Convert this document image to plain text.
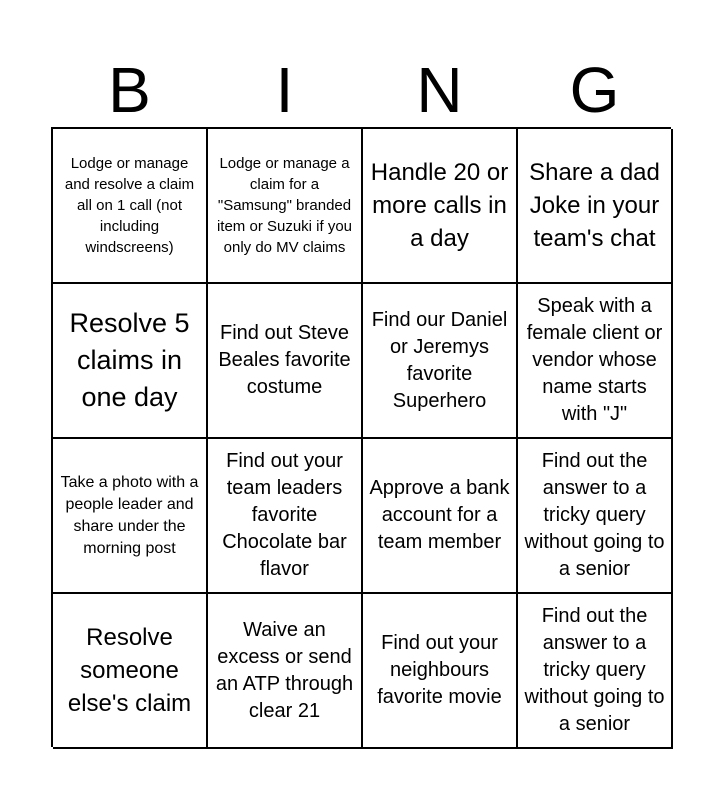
B	I	N	G
Lodge or manage and resolve a claim all on 1 call (not including windscreens)
Lodge or manage a claim for a "Samsung" branded item or Suzuki if you only do MV claims
Handle 20 or more calls in a day
Share a dad Joke in your team's chat
Resolve 5 claims in one day
Find out Steve Beales favorite costume
Find our Daniel or Jeremys favorite Superhero
Speak with a female client or vendor whose name starts with "J"
Take a photo with a people leader and share under the morning post
Find out your team leaders favorite Chocolate bar flavor
Approve a bank account for a team member
Find out the answer to a tricky query without going to a senior
Resolve someone else's claim
Waive an excess or send an ATP through clear 21
Find out your neighbours favorite movie
Find out the answer to a tricky query without going to a senior
